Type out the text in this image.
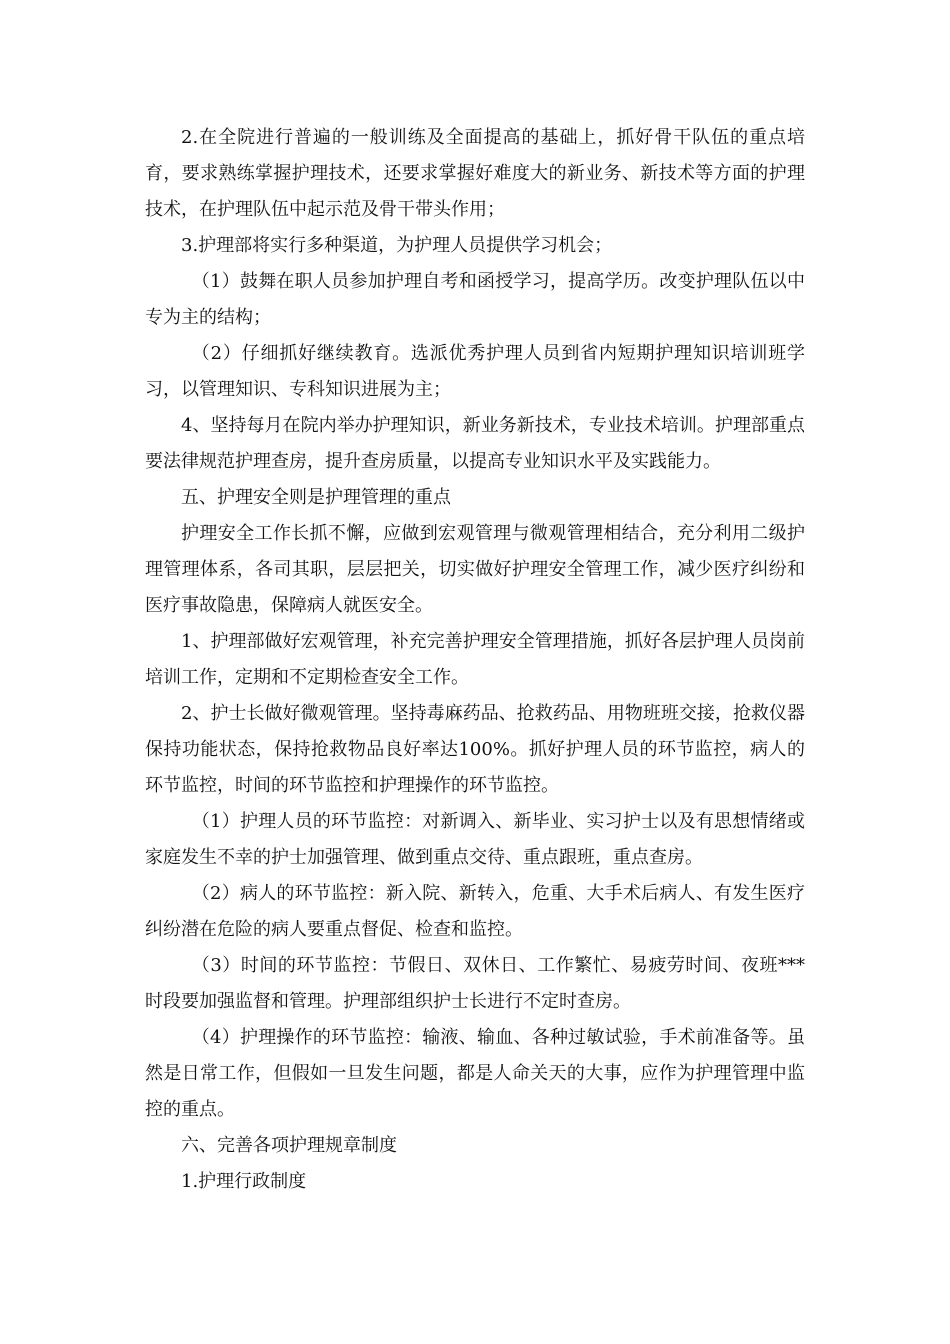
2.在全院进行普遍的一般训练及全面提高的基础上，抓好骨干队伍的重点培育，要求熟练掌握护理技术，还要求掌握好难度大的新业务、新技术等方面的护理技术，在护理队伍中起示范及骨干带头作用；

3.护理部将实行多种渠道，为护理人员提供学习机会；

（1）鼓舞在职人员参加护理自考和函授学习，提高学历。改变护理队伍以中专为主的结构；

（2）仔细抓好继续教育。选派优秀护理人员到省内短期护理知识培训班学习，以管理知识、专科知识进展为主；

4、坚持每月在院内举办护理知识，新业务新技术，专业技术培训。护理部重点要法律规范护理查房，提升查房质量，以提高专业知识水平及实践能力。

五、护理安全则是护理管理的重点

护理安全工作长抓不懈，应做到宏观管理与微观管理相结合，充分利用二级护理管理体系，各司其职，层层把关，切实做好护理安全管理工作，减少医疗纠纷和医疗事故隐患，保障病人就医安全。

1、护理部做好宏观管理，补充完善护理安全管理措施，抓好各层护理人员岗前培训工作，定期和不定期检查安全工作。

2、护士长做好微观管理。坚持毒麻药品、抢救药品、用物班班交接，抢救仪器保持功能状态，保持抢救物品良好率达100%。抓好护理人员的环节监控，病人的环节监控，时间的环节监控和护理操作的环节监控。

（1）护理人员的环节监控：对新调入、新毕业、实习护士以及有思想情绪或家庭发生不幸的护士加强管理、做到重点交待、重点跟班，重点查房。

（2）病人的环节监控：新入院、新转入，危重、大手术后病人、有发生医疗纠纷潜在危险的病人要重点督促、检查和监控。

（3）时间的环节监控：节假日、双休日、工作繁忙、易疲劳时间、夜班***时段要加强监督和管理。护理部组织护士长进行不定时查房。

（4）护理操作的环节监控：输液、输血、各种过敏试验，手术前准备等。虽然是日常工作，但假如一旦发生问题，都是人命关天的大事，应作为护理管理中监控的重点。

六、完善各项护理规章制度

1.护理行政制度
